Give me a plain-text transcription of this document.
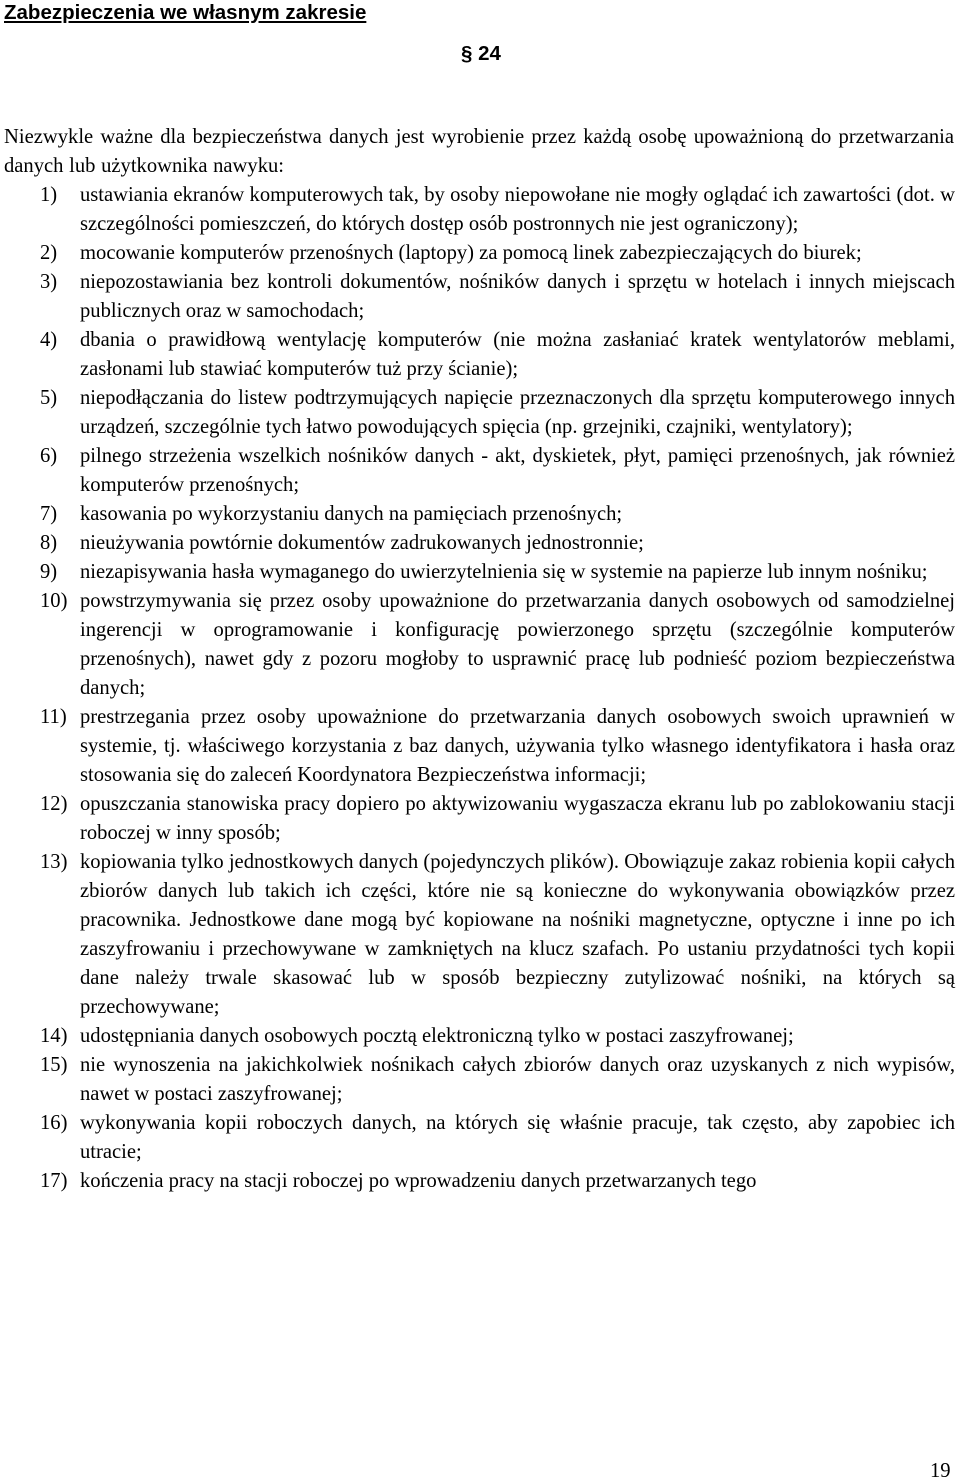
Zabezpieczenia we własnym zakresie
§ 24

Niezwykle ważne dla bezpieczeństwa danych jest wyrobienie przez każdą osobę upoważnioną do przetwarzania danych lub użytkownika nawyku:

1) ustawiania ekranów komputerowych tak, by osoby niepowołane nie mogły oglądać ich zawartości (dot. w szczególności pomieszczeń, do których dostęp osób postronnych nie jest ograniczony);
2) mocowanie komputerów przenośnych (laptopy) za pomocą linek zabezpieczających do biurek;
3) niepozostawiania bez kontroli dokumentów, nośników danych i sprzętu w hotelach i innych miejscach publicznych oraz w samochodach;
4) dbania o prawidłową wentylację komputerów (nie można zasłaniać kratek wentylatorów meblami, zasłonami lub stawiać komputerów tuż przy ścianie);
5) niepodłączania do listew podtrzymujących napięcie przeznaczonych dla sprzętu komputerowego innych urządzeń, szczególnie tych łatwo powodujących spięcia (np. grzejniki, czajniki, wentylatory);
6) pilnego strzeżenia wszelkich nośników danych - akt, dyskietek, płyt, pamięci przenośnych, jak również komputerów przenośnych;
7) kasowania po wykorzystaniu danych na pamięciach przenośnych;
8) nieużywania powtórnie dokumentów zadrukowanych jednostronnie;
9) niezapisywania hasła wymaganego do uwierzytelnienia się w systemie na papierze lub innym nośniku;
10) powstrzymywania się przez osoby upoważnione do przetwarzania danych osobowych od samodzielnej ingerencji w oprogramowanie i konfigurację powierzonego sprzętu (szczególnie komputerów przenośnych), nawet gdy z pozoru mogłoby to usprawnić pracę lub podnieść poziom bezpieczeństwa danych;
11) prestrzegania przez osoby upoważnione do przetwarzania danych osobowych swoich uprawnień w systemie, tj. właściwego korzystania z baz danych, używania tylko własnego identyfikatora i hasła oraz stosowania się do zaleceń Koordynatora Bezpieczeństwa informacji;
12) opuszczania stanowiska pracy dopiero po aktywizowaniu wygaszacza ekranu lub po zablokowaniu stacji roboczej w inny sposób;
13) kopiowania tylko jednostkowych danych (pojedynczych plików). Obowiązuje zakaz robienia kopii całych zbiorów danych lub takich ich części, które nie są konieczne do wykonywania obowiązków przez pracownika. Jednostkowe dane mogą być kopiowane na nośniki magnetyczne, optyczne i inne po ich zaszyfrowaniu i przechowywane w zamkniętych na klucz szafach. Po ustaniu przydatności tych kopii dane należy trwale skasować lub w sposób bezpieczny zutylizować nośniki, na których są przechowywane;
14) udostępniania danych osobowych pocztą elektroniczną tylko w postaci zaszyfrowanej;
15) nie wynoszenia na jakichkolwiek nośnikach całych zbiorów danych oraz uzyskanych z nich wypisów, nawet w postaci zaszyfrowanej;
16) wykonywania kopii roboczych danych, na których się właśnie pracuje, tak często, aby zapobiec ich utracie;
17) kończenia pracy na stacji roboczej po wprowadzeniu danych przetwarzanych tego
19
